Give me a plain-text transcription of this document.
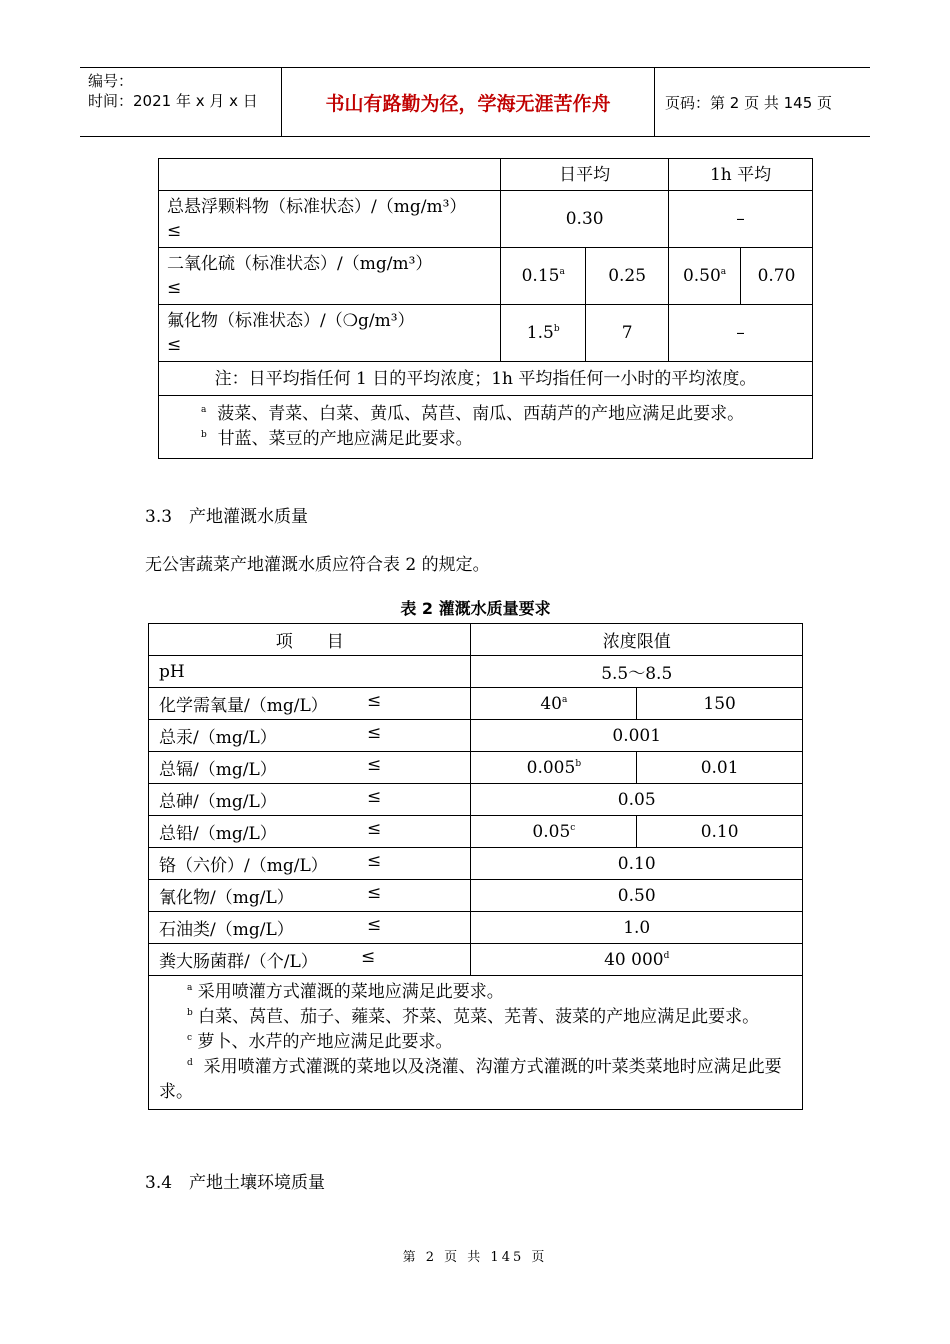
编号：
时间：2021 年 x 月 x 日	书山有路勤为径，学海无涯苦作舟	页码：第 2 页 共 145 页
	日平均		1h 平均	
总悬浮颗料物（标准状态）/（mg/m³）
≤	0.30		–	
二氧化硫（标准状态）/（mg/m³）
≤	0.15$^a$	0.25	0.50$^a$	0.70
氟化物（标准状态）/（❍g/m³）
≤	1.5$^b$	7	–	
注：日平均指任何 1 日的平均浓度；1h 平均指任何一小时的平均浓度。				

$^a$ 菠菜、青菜、白菜、黄瓜、莴苣、南瓜、西葫芦的产地应满足此要求。
$^b$ 甘蓝、菜豆的产地应满足此要求。				
3.3　产地灌溉水质量
无公害蔬菜产地灌溉水质应符合表 2 的规定。
表 2 灌溉水质量要求
项　　目	浓度限值	
pH	5.5～8.5	
化学需氧量/（mg/L） ≤	$40^a$	150
总汞/（mg/L） ≤	0.001	
总镉/（mg/L） ≤	0.005$^b$	0.01
总砷/（mg/L） ≤	0.05	
总铅/（mg/L） ≤	0.05$^c$	0.10
铬（六价）/（mg/L） ≤	0.10	
氰化物/（mg/L） ≤	0.50	
石油类/（mg/L） ≤	1.0	
粪大肠菌群/（个/L） ≤	40 000$^d$

$^a$ 采用喷灌方式灌溉的菜地应满足此要求。
$^b$ 白菜、莴苣、茄子、蕹菜、芥菜、苋菜、芜菁、菠菜的产地应满足此要求。
$^c$ 萝卜、水芹的产地应满足此要求。
$^d$ 采用喷灌方式灌溉的菜地以及浇灌、沟灌方式灌溉的叶菜类菜地时应满足此要求。		
3.4　产地土壤环境质量
第 2 页 共 145 页
